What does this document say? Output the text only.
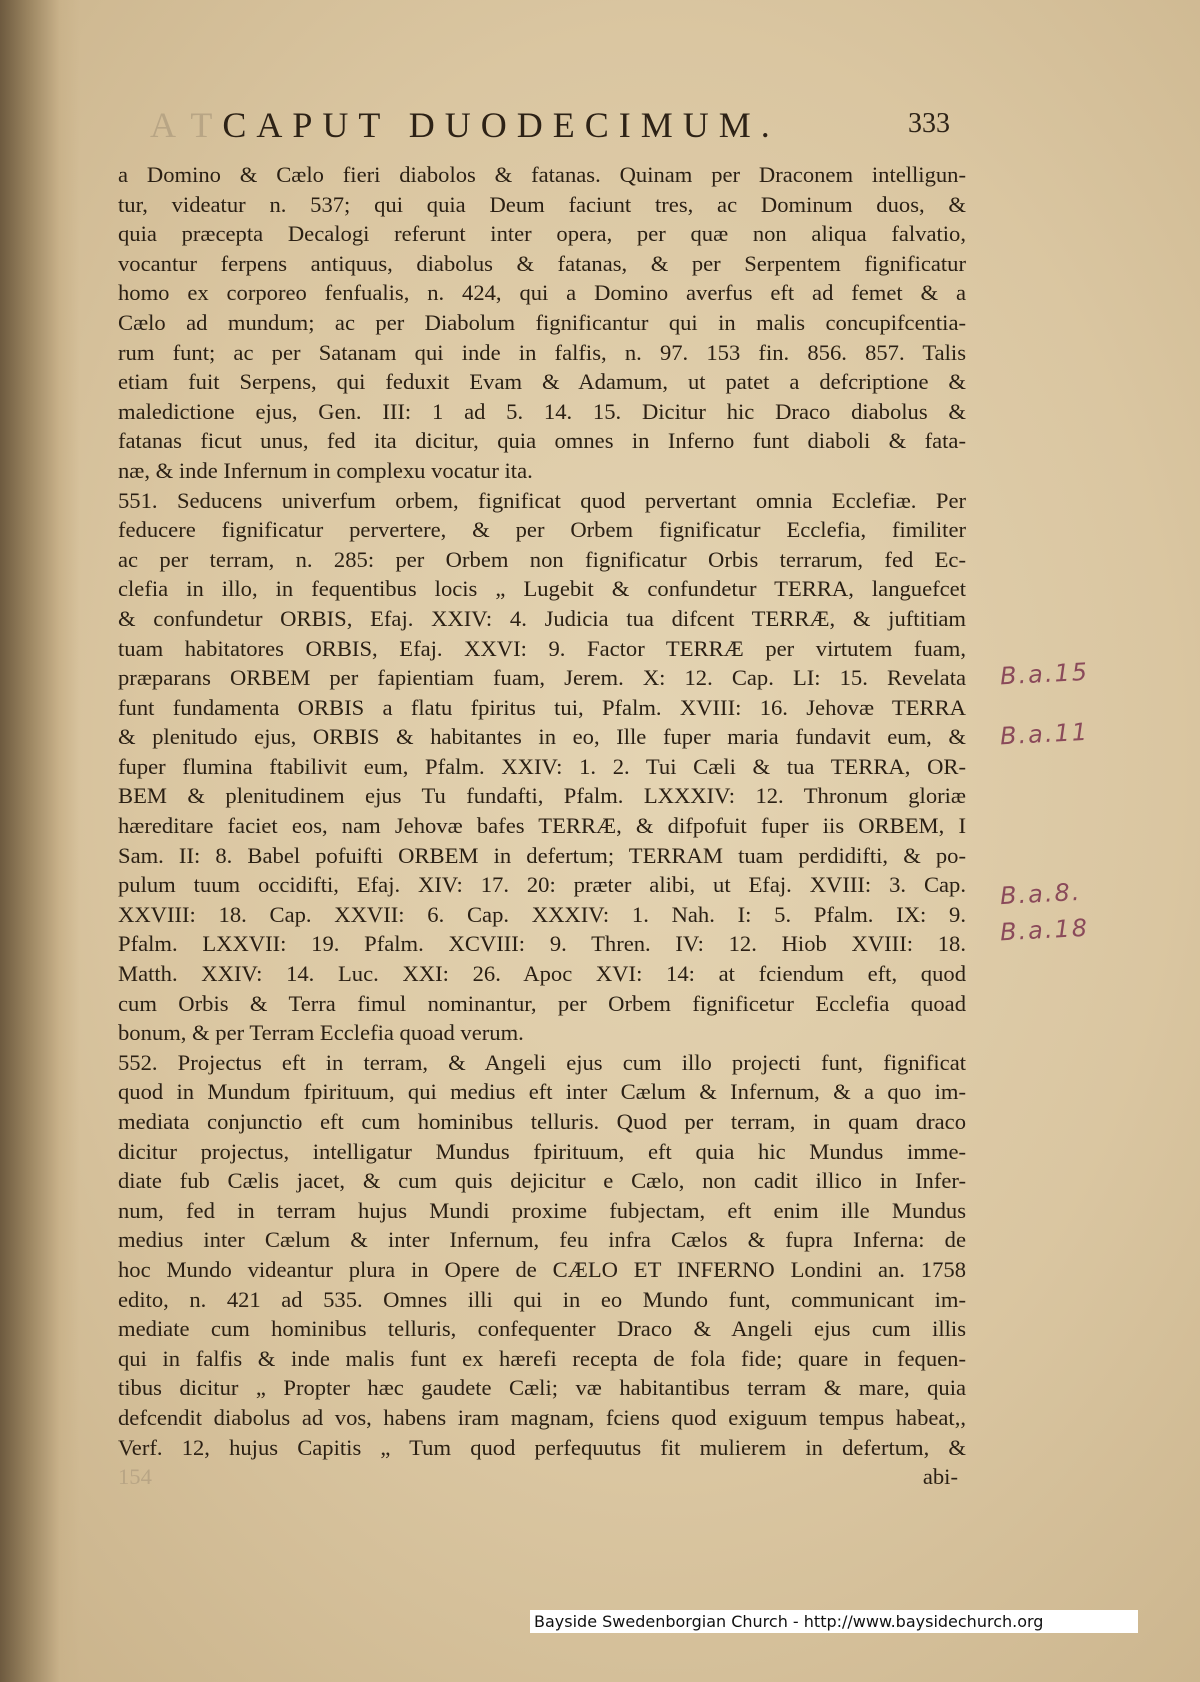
A T CAPUT DUODECIMUM.	333
a Domino & Cælo fieri diabolos & fatanas. Quinam per Draconem intelligun-
tur, videatur n. 537; qui quia Deum faciunt tres, ac Dominum duos, &
quia præcepta Decalogi referunt inter opera, per quæ non aliqua falvatio,
vocantur ferpens antiquus, diabolus & fatanas, & per Serpentem fignificatur
homo ex corporeo fenfualis, n. 424, qui a Domino averfus eft ad femet & a
Cælo ad mundum; ac per Diabolum fignificantur qui in malis concupifcentia-
rum funt; ac per Satanam qui inde in falfis, n. 97. 153 fin. 856. 857. Talis
etiam fuit Serpens, qui feduxit Evam & Adamum, ut patet a defcriptione &
maledictione ejus, Gen. III: 1 ad 5. 14. 15. Dicitur hic Draco diabolus &
fatanas ficut unus, fed ita dicitur, quia omnes in Inferno funt diaboli & fata-
næ, & inde Infernum in complexu vocatur ita.
551. Seducens univerfum orbem, fignificat quod pervertant omnia Ecclefiæ. Per
feducere fignificatur pervertere, & per Orbem fignificatur Ecclefia, fimiliter
ac per terram, n. 285: per Orbem non fignificatur Orbis terrarum, fed Ec-
clefia in illo, in fequentibus locis „ Lugebit & confundetur TERRA, languefcet
& confundetur ORBIS, Efaj. XXIV: 4. Judicia tua difcent TERRÆ, & juftitiam
tuam habitatores ORBIS, Efaj. XXVI: 9. Factor TERRÆ per virtutem fuam,
præparans ORBEM per fapientiam fuam, Jerem. X: 12. Cap. LI: 15. Revelata
funt fundamenta ORBIS a flatu fpiritus tui, Pfalm. XVIII: 16. Jehovæ TERRA
& plenitudo ejus, ORBIS & habitantes in eo, Ille fuper maria fundavit eum, &
fuper flumina ftabilivit eum, Pfalm. XXIV: 1. 2. Tui Cæli & tua TERRA, OR-
BEM & plenitudinem ejus Tu fundafti, Pfalm. LXXXIV: 12. Thronum gloriæ
hæreditare faciet eos, nam Jehovæ bafes TERRÆ, & difpofuit fuper iis ORBEM, I
Sam. II: 8. Babel pofuifti ORBEM in defertum; TERRAM tuam perdidifti, & po-
pulum tuum occidifti, Efaj. XIV: 17. 20: præter alibi, ut Efaj. XVIII: 3. Cap.
XXVIII: 18. Cap. XXVII: 6. Cap. XXXIV: 1. Nah. I: 5. Pfalm. IX: 9.
Pfalm. LXXVII: 19. Pfalm. XCVIII: 9. Thren. IV: 12. Hiob XVIII: 18.
Matth. XXIV: 14. Luc. XXI: 26. Apoc XVI: 14: at fciendum eft, quod
cum Orbis & Terra fimul nominantur, per Orbem fignificetur Ecclefia quoad
bonum, & per Terram Ecclefia quoad verum.
552. Projectus eft in terram, & Angeli ejus cum illo projecti funt, fignificat
quod in Mundum fpirituum, qui medius eft inter Cælum & Infernum, & a quo im-
mediata conjunctio eft cum hominibus telluris. Quod per terram, in quam draco
dicitur projectus, intelligatur Mundus fpirituum, eft quia hic Mundus imme-
diate fub Cælis jacet, & cum quis dejicitur e Cælo, non cadit illico in Infer-
num, fed in terram hujus Mundi proxime fubjectam, eft enim ille Mundus
medius inter Cælum & inter Infernum, feu infra Cælos & fupra Inferna: de
hoc Mundo videantur plura in Opere de CÆLO ET INFERNO Londini an. 1758
edito, n. 421 ad 535. Omnes illi qui in eo Mundo funt, communicant im-
mediate cum hominibus telluris, confequenter Draco & Angeli ejus cum illis
qui in falfis & inde malis funt ex hærefi recepta de fola fide; quare in fequen-
tibus dicitur „ Propter hæc gaudete Cæli; væ habitantibus terram & mare, quia
defcendit diabolus ad vos, habens iram magnam, fciens quod exiguum tempus habeat,,
Verf. 12, hujus Capitis „ Tum quod perfequutus fit mulierem in defertum, &
154	abi-
B.a.15
B.a.11
B.a.8.
B.a.18
Bayside Swedenborgian Church - http://www.baysidechurch.org
